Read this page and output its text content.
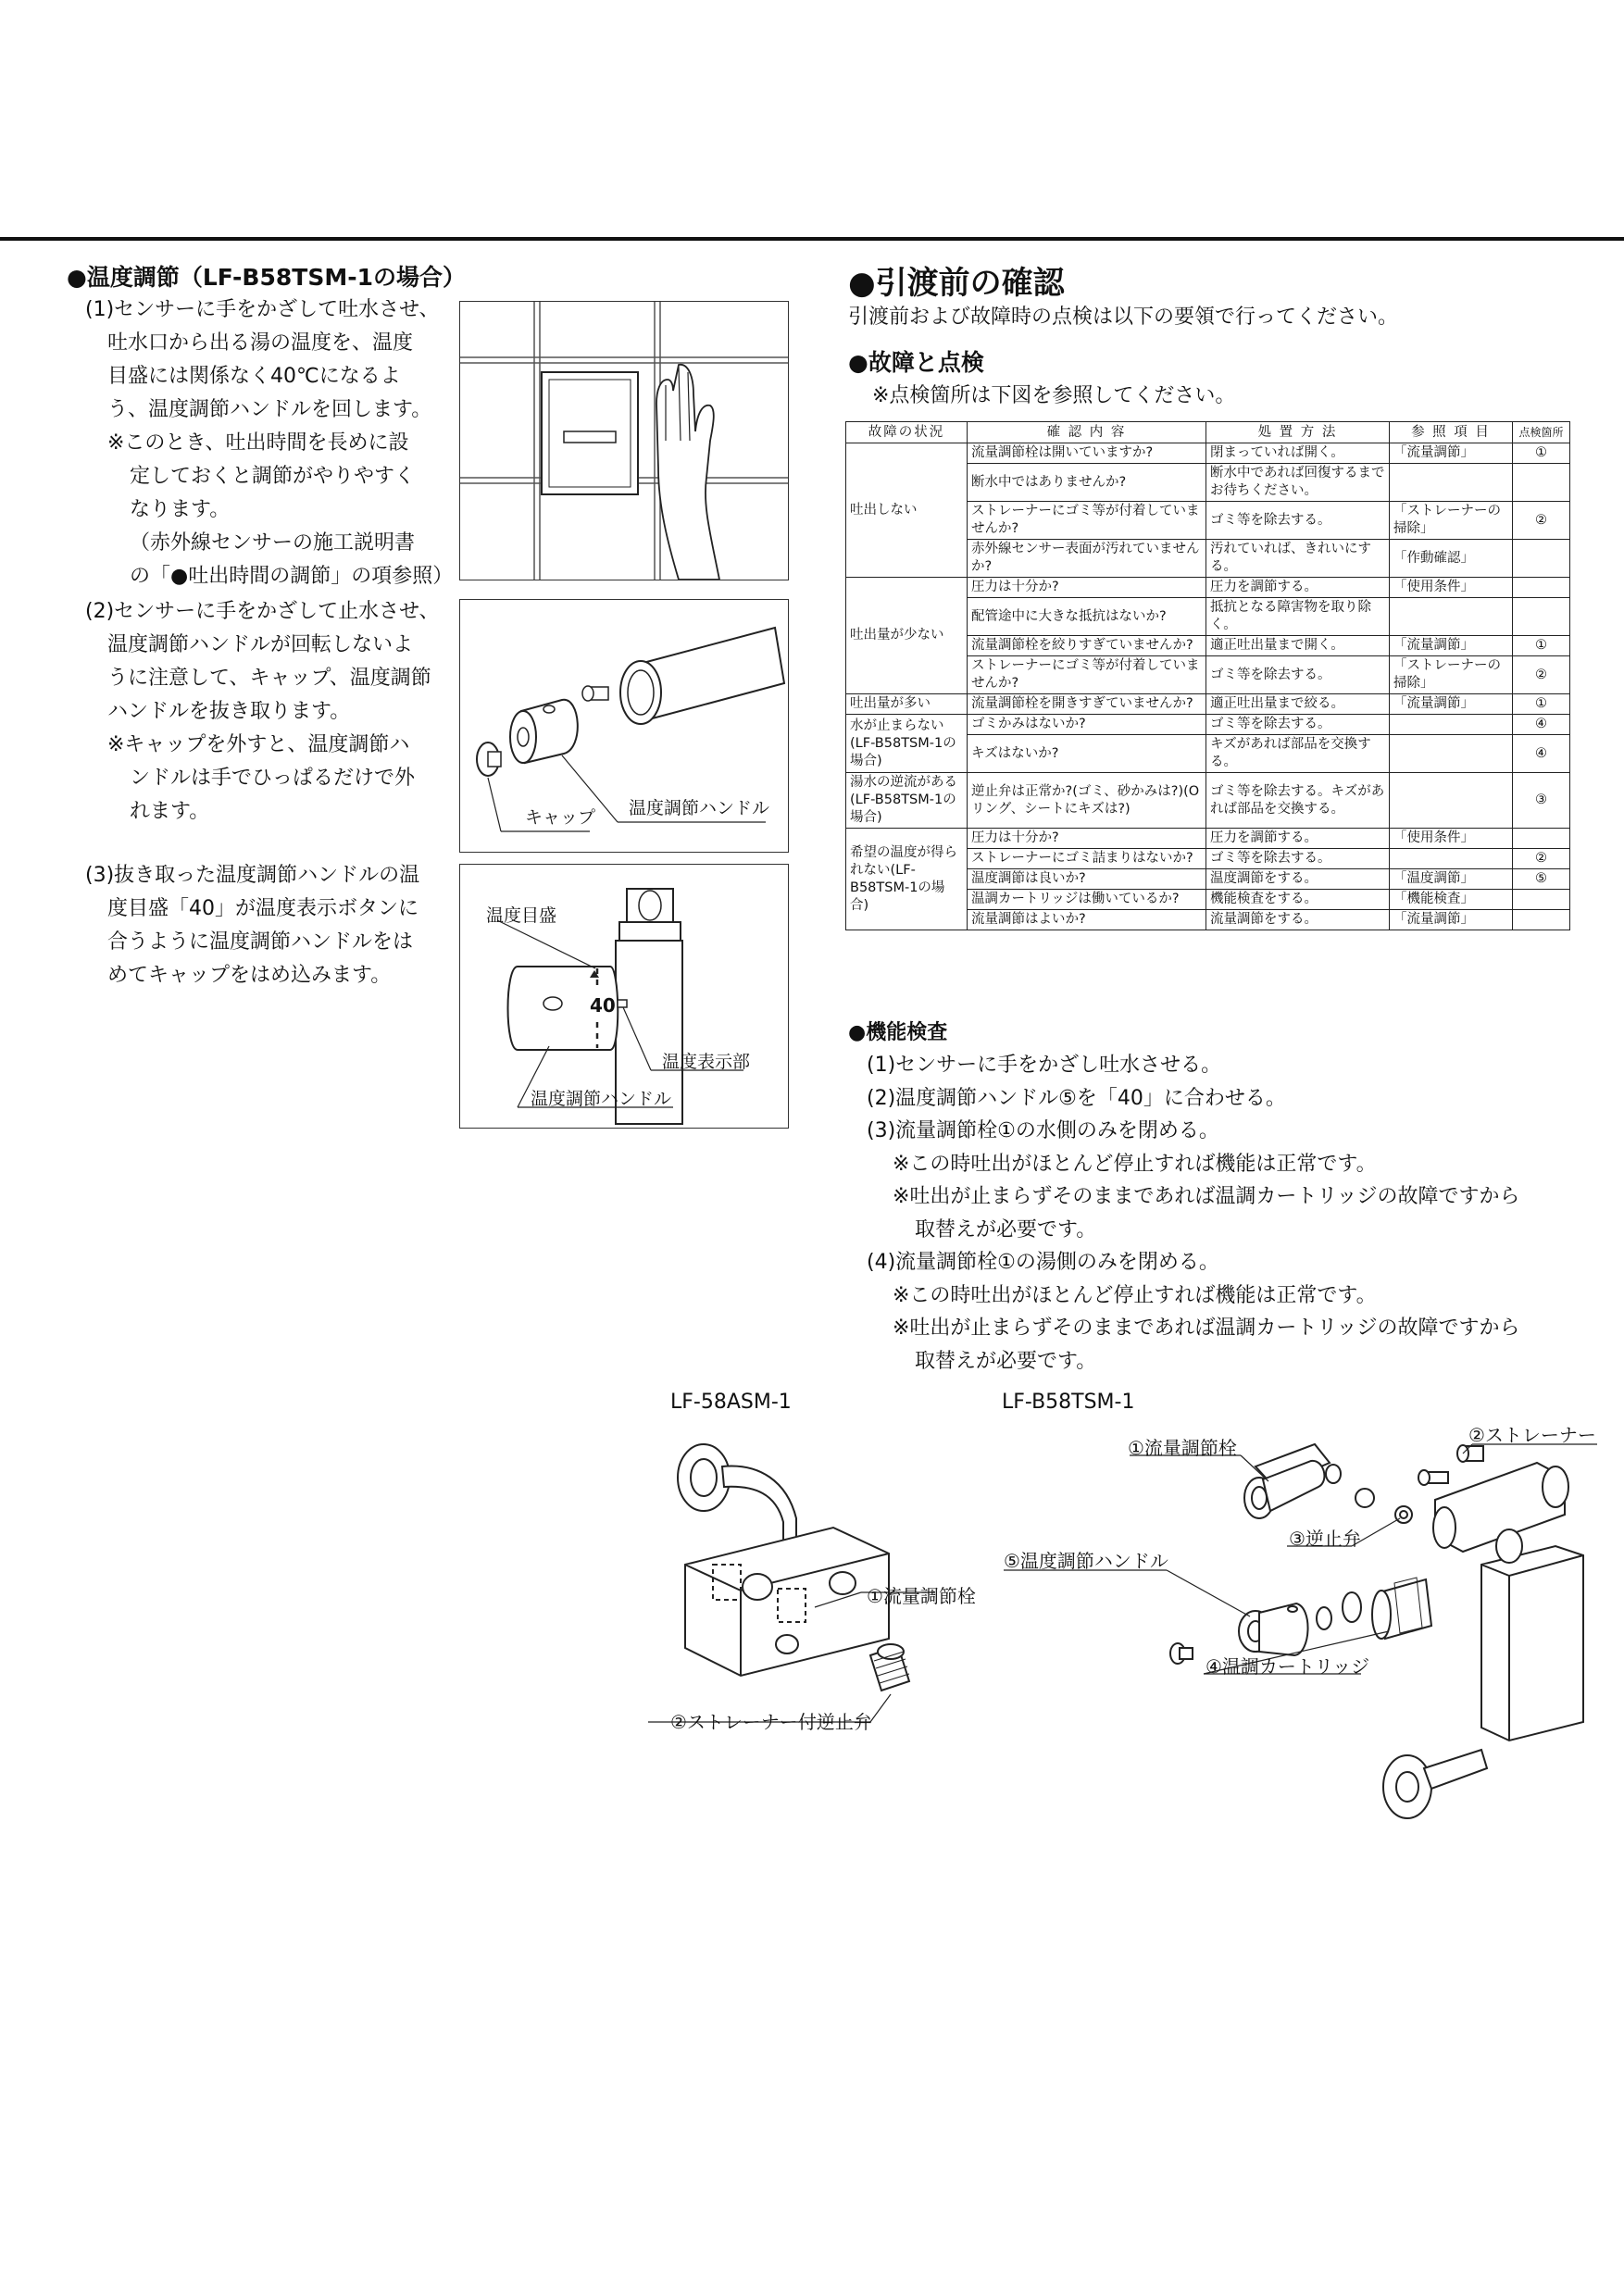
●温度調節（LF-B58TSM-1の場合）
(1)センサーに手をかざして吐水させ、
吐水口から出る湯の温度を、温度
目盛には関係なく40℃になるよ
う、温度調節ハンドルを回します。
※このとき、吐出時間を長めに設
定しておくと調節がやりやすく
なります。
（赤外線センサーの施工説明書
の「●吐出時間の調節」の項参照）
(2)センサーに手をかざして止水させ、
温度調節ハンドルが回転しないよ
うに注意して、キャップ、温度調節
ハンドルを抜き取ります。
※キャップを外すと、温度調節ハ
ンドルは手でひっぱるだけで外
れます。
(3)抜き取った温度調節ハンドルの温
度目盛「40」が温度表示ボタンに
合うように温度調節ハンドルをは
めてキャップをはめ込みます。
キャップ 温度調節ハンドル
40
温度目盛
温度表示部
温度調節ハンドル
●引渡前の確認
引渡前および故障時の点検は以下の要領で行ってください。
●故障と点検
※点検箇所は下図を参照してください。
故障の状況	確 認 内 容	処 置 方 法	参 照 項 目	点検箇所
吐出しない	流量調節栓は開いていますか?	閉まっていれば開く。	「流量調節」	①
	断水中ではありませんか?	断水中であれば回復するまでお待ちください。		
	ストレーナーにゴミ等が付着していませんか?	ゴミ等を除去する。	「ストレーナーの掃除」	②
	赤外線センサー表面が汚れていませんか?	汚れていれば、きれいにする。	「作動確認」	
吐出量が少ない	圧力は十分か?	圧力を調節する。	「使用条件」	
	配管途中に大きな抵抗はないか?	抵抗となる障害物を取り除く。		
	流量調節栓を絞りすぎていませんか?	適正吐出量まで開く。	「流量調節」	①
	ストレーナーにゴミ等が付着していませんか?	ゴミ等を除去する。	「ストレーナーの掃除」	②
吐出量が多い	流量調節栓を開きすぎていませんか?	適正吐出量まで絞る。	「流量調節」	①
水が止まらない(LF-B58TSM-1の場合)	ゴミかみはないか?	ゴミ等を除去する。		④
	キズはないか?	キズがあれば部品を交換する。		④
湯水の逆流がある(LF-B58TSM-1の場合)	逆止弁は正常か?(ゴミ、砂かみは?)(Oリング、シートにキズは?)	ゴミ等を除去する。キズがあれば部品を交換する。		③
希望の温度が得られない(LF-B58TSM-1の場合)	圧力は十分か?	圧力を調節する。	「使用条件」	
	ストレーナーにゴミ詰まりはないか?	ゴミ等を除去する。		②
	温度調節は良いか?	温度調節をする。	「温度調節」	⑤
	温調カートリッジは働いているか?	機能検査をする。	「機能検査」	
	流量調節はよいか?	流量調節をする。	「流量調節」	
●機能検査
(1)センサーに手をかざし吐水させる。
(2)温度調節ハンドル⑤を「40」に合わせる。
(3)流量調節栓①の水側のみを閉める。
※この時吐出がほとんど停止すれば機能は正常です。
※吐出が止まらずそのままであれば温調カートリッジの故障ですから
取替えが必要です。
(4)流量調節栓①の湯側のみを閉める。
※この時吐出がほとんど停止すれば機能は正常です。
※吐出が止まらずそのままであれば温調カートリッジの故障ですから
取替えが必要です。
LF-58ASM-1	LF-B58TSM-1
①流量調節栓
②ストレーナー付逆止弁
①流量調節栓
②ストレーナー
③逆止弁
⑤温度調節ハンドル
④温調カートリッジ
